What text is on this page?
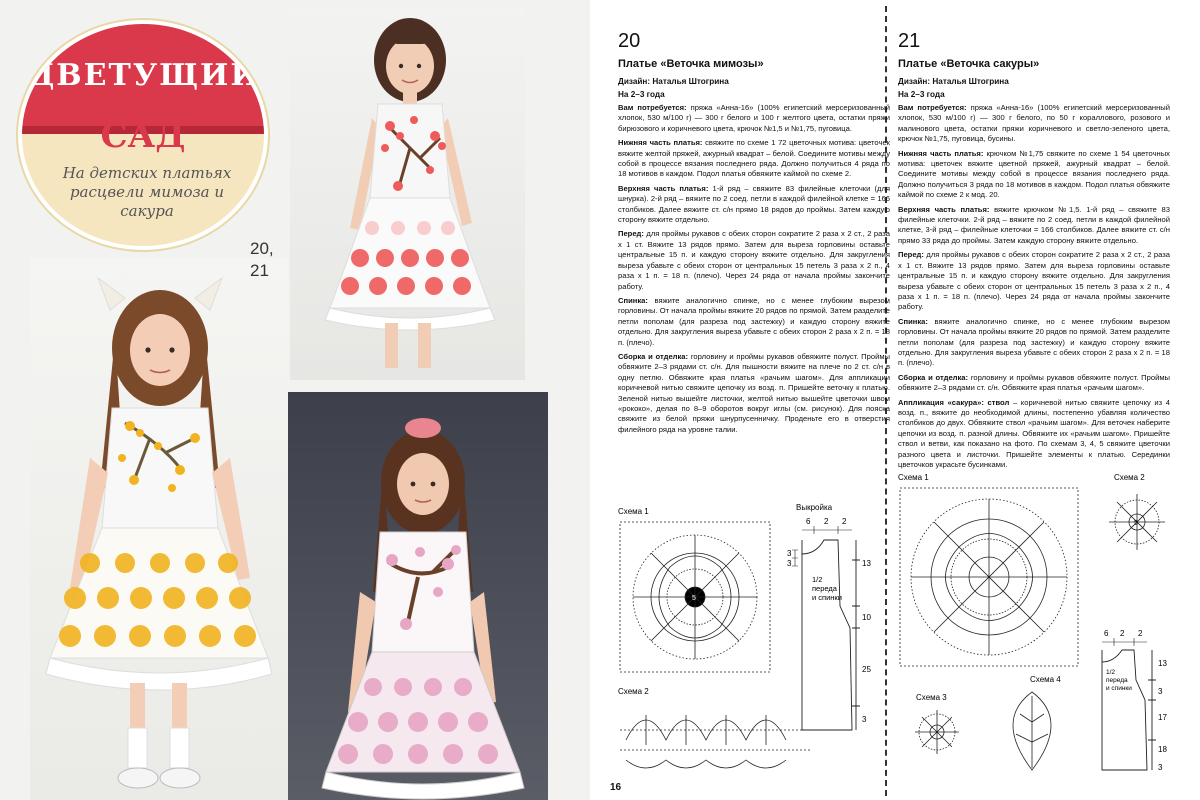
ЦВЕТУЩИЙ
САД
На детских платьях расцвели мимоза и сакура
20,
21
20
Платье «Веточка мимозы»
Дизайн: Наталья Штогрина
На 2–3 года

Вам потребуется: пряжа «Анна-16» (100% египетский мерсеризованный хлопок, 530 м/100 г) — 300 г белого и 100 г желтого цвета, остатки пряжи бирюзового и коричневого цвета, крючок №1,5 и №1,75, пуговица.

Нижняя часть платья: свяжите по схеме 1 72 цветочных мотива: цветочек вяжите желтой пряжей, ажурный квадрат – белой. Соедините мотивы между собой в процессе вязания последнего ряда. Должно получиться 4 ряда по 18 мотивов в каждом. Подол платья обвяжите каймой по схеме 2.

Верхняя часть платья: 1-й ряд – свяжите 83 филейные клеточки (для шнурка). 2-й ряд – вяжите по 2 соед. петли в каждой филейной клетке = 166 столбиков. Далее вяжите ст. с/н прямо 18 рядов до проймы. Затем каждую сторону вяжите отдельно.

Перед: для проймы рукавов с обеих сторон сократите 2 раза х 2 ст., 2 раза х 1 ст. Вяжите 13 рядов прямо. Затем для выреза горловины оставьте центральные 15 п. и каждую сторону вяжите отдельно. Для закругления выреза убавьте с обеих сторон от центральных 15 петель 3 раза х 2 п., 4 раза х 1 п. = 18 п. (плечо). Через 24 ряда от начала проймы закончите работу.

Спинка: вяжите аналогично спинке, но с менее глубоким вырезом горловины. От начала проймы вяжите 20 рядов по прямой. Затем разделите петли пополам (для разреза под застежку) и каждую сторону вяжите отдельно. Для закругления выреза убавьте с обеих сторон 2 раза х 2 п. = 18 п. (плечо).

Сборка и отделка: горловину и проймы рукавов обвяжите полуст. Проймы обвяжите 2–3 рядами ст. с/н. Для пышности вяжите на плече по 2 ст. с/н в одну петлю. Обвяжите края платья «рачьим шагом». Для аппликации коричневой нитью свяжите цепочку из возд. п. Пришейте веточку к платью. Зеленой нитью вышейте листочки, желтой нитью вышейте цветочки швом «рококо», делая по 8–9 оборотов вокруг иглы (см. рисунок). Для пояска свяжите из белой пряжи шнурпусенничку. Проденьте его в отверстия филейного ряда на уровне талии.

21
Платье «Веточка сакуры»
Дизайн: Наталья Штогрина
На 2–3 года

Вам потребуется: пряжа «Анна-16» (100% египетский мерсеризованный хлопок, 530 м/100 г) — 300 г белого, по 50 г кораллового, розового и малинового цвета, остатки пряжи коричневого и светло-зеленого цвета, крючок №1,75, пуговица, бусины.

Нижняя часть платья: крючком №1,75 свяжите по схеме 1 54 цветочных мотива: цветочек вяжите цветной пряжей, ажурный квадрат – белой. Соедините мотивы между собой в процессе вязания последнего ряда. Должно получиться 3 ряда по 18 мотивов в каждом. Подол платья обвяжите каймой по схеме 2 к мод. 20.

Верхняя часть платья: вяжите крючком №1,5. 1-й ряд – свяжите 83 филейные клеточки. 2-й ряд – вяжите по 2 соед. петли в каждой филейной клетке, 3-й ряд – филейные клеточки = 166 столбиков. Далее вяжите ст. с/н прямо 33 ряда до проймы. Затем каждую сторону вяжите отдельно.

Перед: для проймы рукавов с обеих сторон сократите 2 раза х 2 ст., 2 раза х 1 ст. Вяжите 13 рядов прямо. Затем для выреза горловины оставьте центральные 15 п. и каждую сторону вяжите отдельно. Для закругления выреза убавьте с обеих сторон от центральных 15 петель 3 раза х 2 п., 4 раза х 1 п. = 18 п. (плечо). Через 24 ряда от начала проймы закончите работу.

Спинка: вяжите аналогично спинке, но с менее глубоким вырезом горловины. От начала проймы вяжите 20 рядов по прямой. Затем разделите петли пополам (для разреза под застежку) и каждую сторону вяжите отдельно. Для закругления выреза убавьте с обеих сторон 2 раза х 2 п. = 18 п. (плечо).

Сборка и отделка: горловину и проймы рукавов обвяжите полуст. Проймы обвяжите 2–3 рядами ст. с/н. Обвяжите края платья «рачьим шагом».

Аппликация «сакура»: ствол – коричневой нитью свяжите цепочку из 4 возд. п., вяжите до необходимой длины, постепенно убавляя количество столбиков до двух. Обвяжите ствол «рачьим шагом». Для веточек наберите цепочки из возд. п. разной длины. Обвяжите их «рачьим шагом». Пришейте ствол и ветви, как показано на фото. По схемам 3, 4, 5 свяжите цветочки разного цвета и листочки. Пришейте элементы к платью. Серединки цветочков украсьте бусинками.

Схема 1	Выкройка
5
6 2 2
3
3	13
10
25
3
1/2
переда
и спинки
Схема 2
Схема 1	Схема 2
5
6 2 2
13
3
17
18
3
1/2
переда
и спинки
Схема 3
Схема 4
16
